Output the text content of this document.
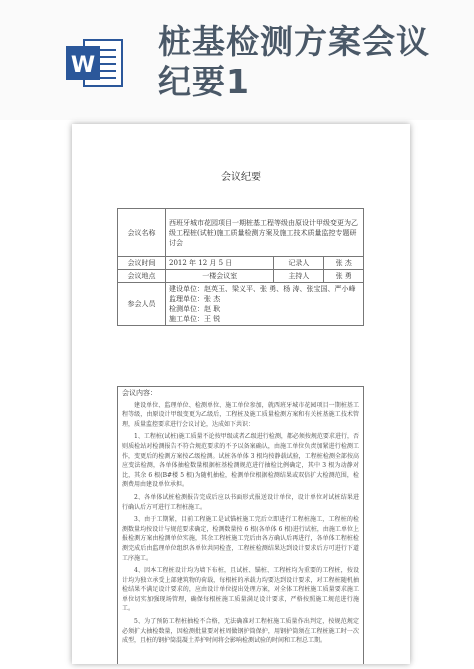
W
桩基检测方案会议纪要1
会议纪要
会议名称	西班牙城市花园项目一期桩基工程等级由原设计甲级变更为乙级工程桩(试桩)施工质量检测方案及施工技术质量监控专题研讨会		
会议时间	2012 年 12 月 5 日	记录人	张 杰
会议地点	一楼会议室	主持人	张 勇
参会人员	建设单位：赵英玉、梁义平、张 勇、杨 涛、张宝国、严小峰
监理单位：张 杰
检测单位：赵 耿
施工单位：王 锐		
会议内容：

建设单位、监理单位、检测单位、施工单位参加，就西班牙城市花园项目一期桩基工程等级，由原设计甲级变更为乙级后，工程桩及施工质量检测方案和有关桩基施工技术管理，质量监控要求进行会议讨论，达成如下共识：

1、工程桩(试桩)施工质量不论按甲级或者乙级进行检测，都必须按规范要求进行，否则质检站对检测报告不符合规范要求的不予以备案确认，由施工单位负责加紧进行检测工作，变更后的检测方案按乙级检测。试桩各单体 3 根均按静载试验，工程桩检测全部按高应变法检测，各单体抽检数量根据桩基检测规范进行抽检比例确定，其中 3 根为动静对比，其余 6 根(B#楼 5 根)为随机抽检，检测单位根据检测结果或双倍扩大检测范围，检测费用由建设单位承担。

2、各单体试桩检测报告完成后应以书面形式报送设计单位，设计单位对试桩结果进行确认后方可进行工程桩施工。

3、由于工期紧，目前工程施工是试锚桩施工完后立即进行工程桩施工，工程桩的检测数量均按设计与规范要求确定，检测数量按 6 根(各单体 6 根)进行试桩，由施工单位上报检测方案由检测单位实施，其余工程桩施工完后由各方确认后再进行，各单体工程桩检测完成后由监理单位组织各单位共同检查，工程桩检测结果达到设计要求后方可进行下道工序施工。

4、因本工程桩设计均为墙下布桩，且试桩、锚桩、工程桩均为重要的工程桩，按设计均为独立承受上部建筑物的荷载，每根桩的承载力均要达到设计要求，对工程桩随机抽检结果不满足设计要求的，应由设计单位提出处理方案，对全体工程桩施工质量要求施工单位切实加强现场管理，确保每根桩施工质量满足设计要求，严格按照施工规范进行施工。

5、为了预防工程桩抽检不合格，无法确准对工程桩施工质量作出判定，按规范规定必须扩大抽检数量，因检测批量要对桩周做钢护筒保护，用钢护筒须在工程桩施工时一次成型，且桩的钢护筒混凝土养护时间将会影响检测试验的时间和工程总工期。
